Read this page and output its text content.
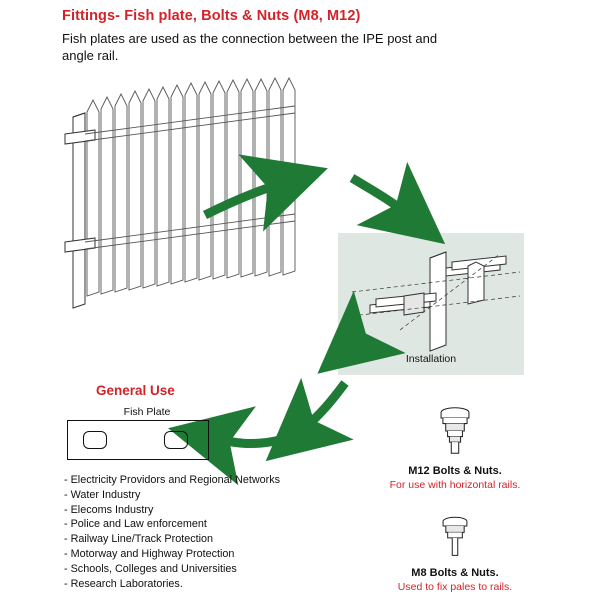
Fittings- Fish plate, Bolts & Nuts (M8, M12)
Fish plates are used as the connection between the IPE post and angle rail.
Installation
General Use
Fish Plate
- Electricity Providors and Regional Networks
- Water Industry
- Elecoms Industry
- Police and Law enforcement
- Railway Line/Track Protection
- Motorway and Highway Protection
- Schools, Colleges and Universities
- Research Laboratories.
M12 Bolts & Nuts.
For use with horizontal rails.
M8 Bolts & Nuts.
Used to fix pales to rails.
